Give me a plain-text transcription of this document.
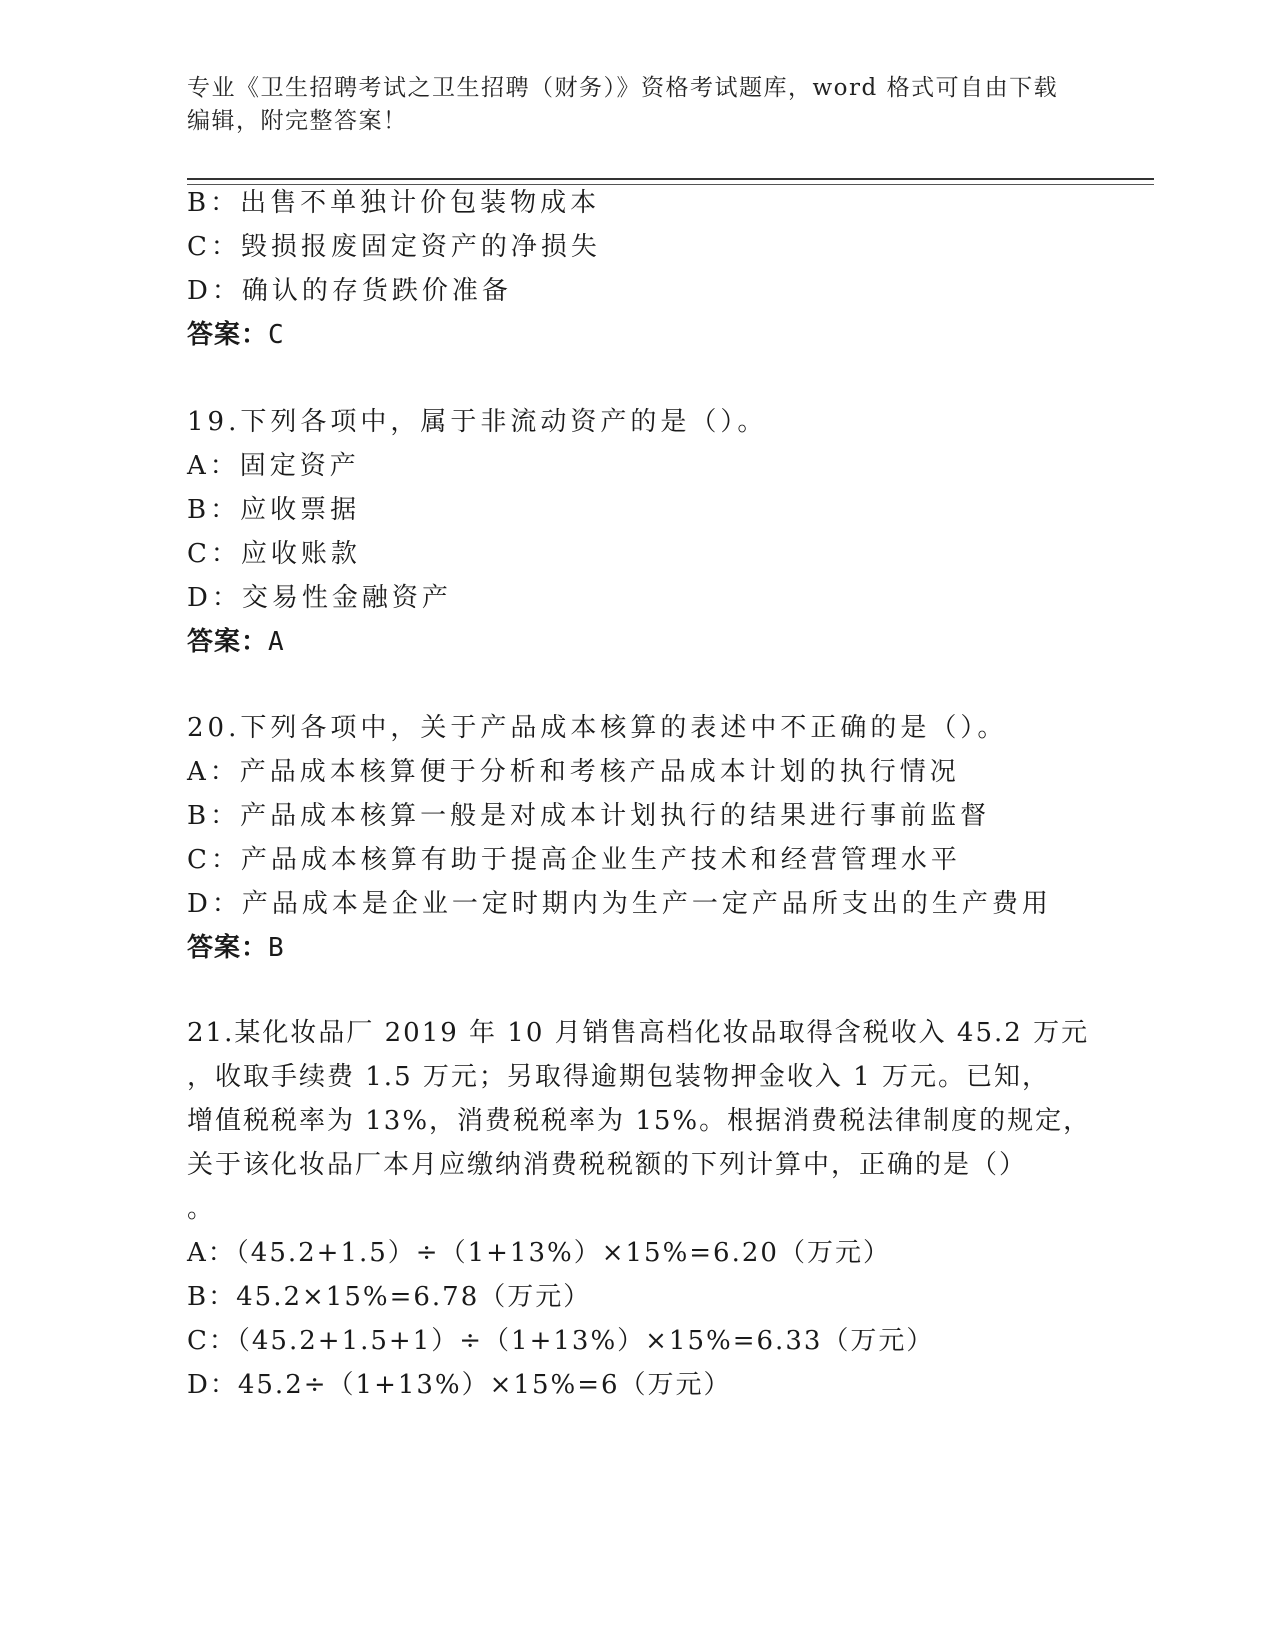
专业《卫生招聘考试之卫生招聘（财务）》资格考试题库，word 格式可自由下载
编辑，附完整答案！
B：出售不单独计价包装物成本
C：毁损报废固定资产的净损失
D：确认的存货跌价准备
答案：C
19.下列各项中，属于非流动资产的是（）。
A：固定资产
B：应收票据
C：应收账款
D：交易性金融资产
答案：A
20.下列各项中，关于产品成本核算的表述中不正确的是（）。
A：产品成本核算便于分析和考核产品成本计划的执行情况
B：产品成本核算一般是对成本计划执行的结果进行事前监督
C：产品成本核算有助于提高企业生产技术和经营管理水平
D：产品成本是企业一定时期内为生产一定产品所支出的生产费用
答案：B
21.某化妆品厂 2019 年 10 月销售高档化妆品取得含税收入 45.2 万元
，收取手续费 1.5 万元；另取得逾期包装物押金收入 1 万元。已知，
增值税税率为 13%，消费税税率为 15%。根据消费税法律制度的规定，
关于该化妆品厂本月应缴纳消费税税额的下列计算中，正确的是（）
。
A：（45.2+1.5）÷（1+13%）×15%=6.20（万元）
B：45.2×15%=6.78（万元）
C：（45.2+1.5+1）÷（1+13%）×15%=6.33（万元）
D：45.2÷（1+13%）×15%=6（万元）
